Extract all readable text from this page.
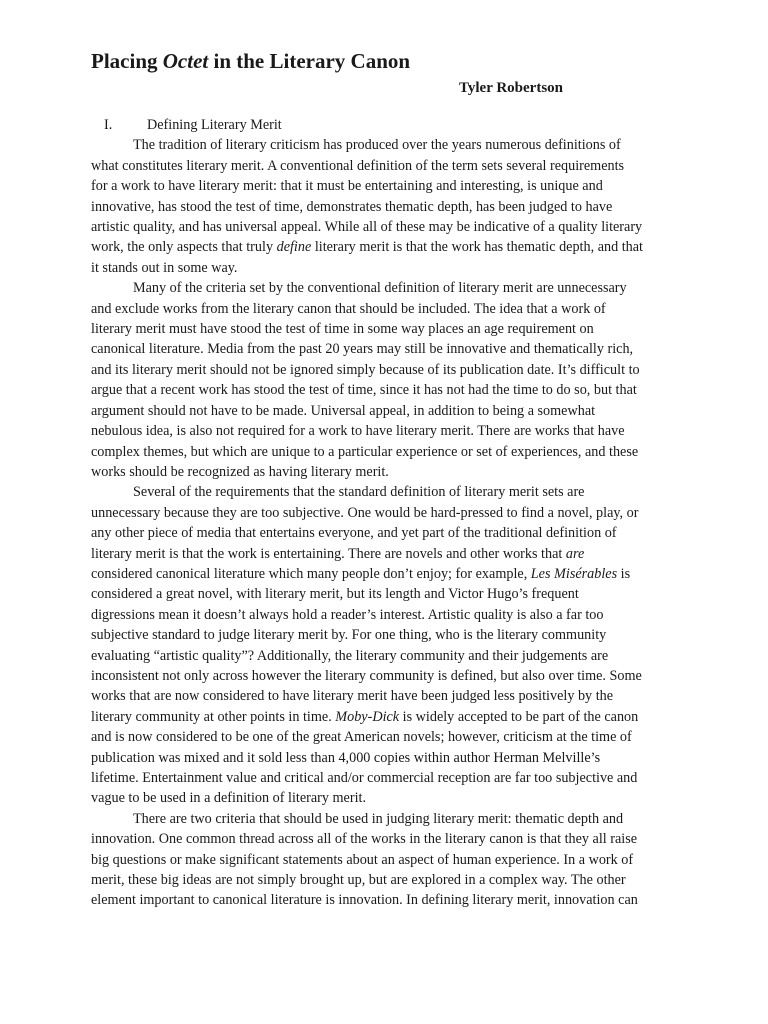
Placing Octet in the Literary Canon

Tyler Robertson

I. Defining Literary Merit
The tradition of literary criticism has produced over the years numerous definitions of
what constitutes literary merit. A conventional definition of the term sets several requirements
for a work to have literary merit: that it must be entertaining and interesting, is unique and
innovative, has stood the test of time, demonstrates thematic depth, has been judged to have
artistic quality, and has universal appeal. While all of these may be indicative of a quality literary
work, the only aspects that truly define literary merit is that the work has thematic depth, and that
it stands out in some way.
Many of the criteria set by the conventional definition of literary merit are unnecessary
and exclude works from the literary canon that should be included. The idea that a work of
literary merit must have stood the test of time in some way places an age requirement on
canonical literature. Media from the past 20 years may still be innovative and thematically rich,
and its literary merit should not be ignored simply because of its publication date. It’s difficult to
argue that a recent work has stood the test of time, since it has not had the time to do so, but that
argument should not have to be made. Universal appeal, in addition to being a somewhat
nebulous idea, is also not required for a work to have literary merit. There are works that have
complex themes, but which are unique to a particular experience or set of experiences, and these
works should be recognized as having literary merit.
Several of the requirements that the standard definition of literary merit sets are
unnecessary because they are too subjective. One would be hard-pressed to find a novel, play, or
any other piece of media that entertains everyone, and yet part of the traditional definition of
literary merit is that the work is entertaining. There are novels and other works that are
considered canonical literature which many people don’t enjoy; for example, Les Misérables is
considered a great novel, with literary merit, but its length and Victor Hugo’s frequent
digressions mean it doesn’t always hold a reader’s interest. Artistic quality is also a far too
subjective standard to judge literary merit by. For one thing, who is the literary community
evaluating “artistic quality”? Additionally, the literary community and their judgements are
inconsistent not only across however the literary community is defined, but also over time. Some
works that are now considered to have literary merit have been judged less positively by the
literary community at other points in time. Moby-Dick is widely accepted to be part of the canon
and is now considered to be one of the great American novels; however, criticism at the time of
publication was mixed and it sold less than 4,000 copies within author Herman Melville’s
lifetime. Entertainment value and critical and/or commercial reception are far too subjective and
vague to be used in a definition of literary merit.
There are two criteria that should be used in judging literary merit: thematic depth and
innovation. One common thread across all of the works in the literary canon is that they all raise
big questions or make significant statements about an aspect of human experience. In a work of
merit, these big ideas are not simply brought up, but are explored in a complex way. The other
element important to canonical literature is innovation. In defining literary merit, innovation can
